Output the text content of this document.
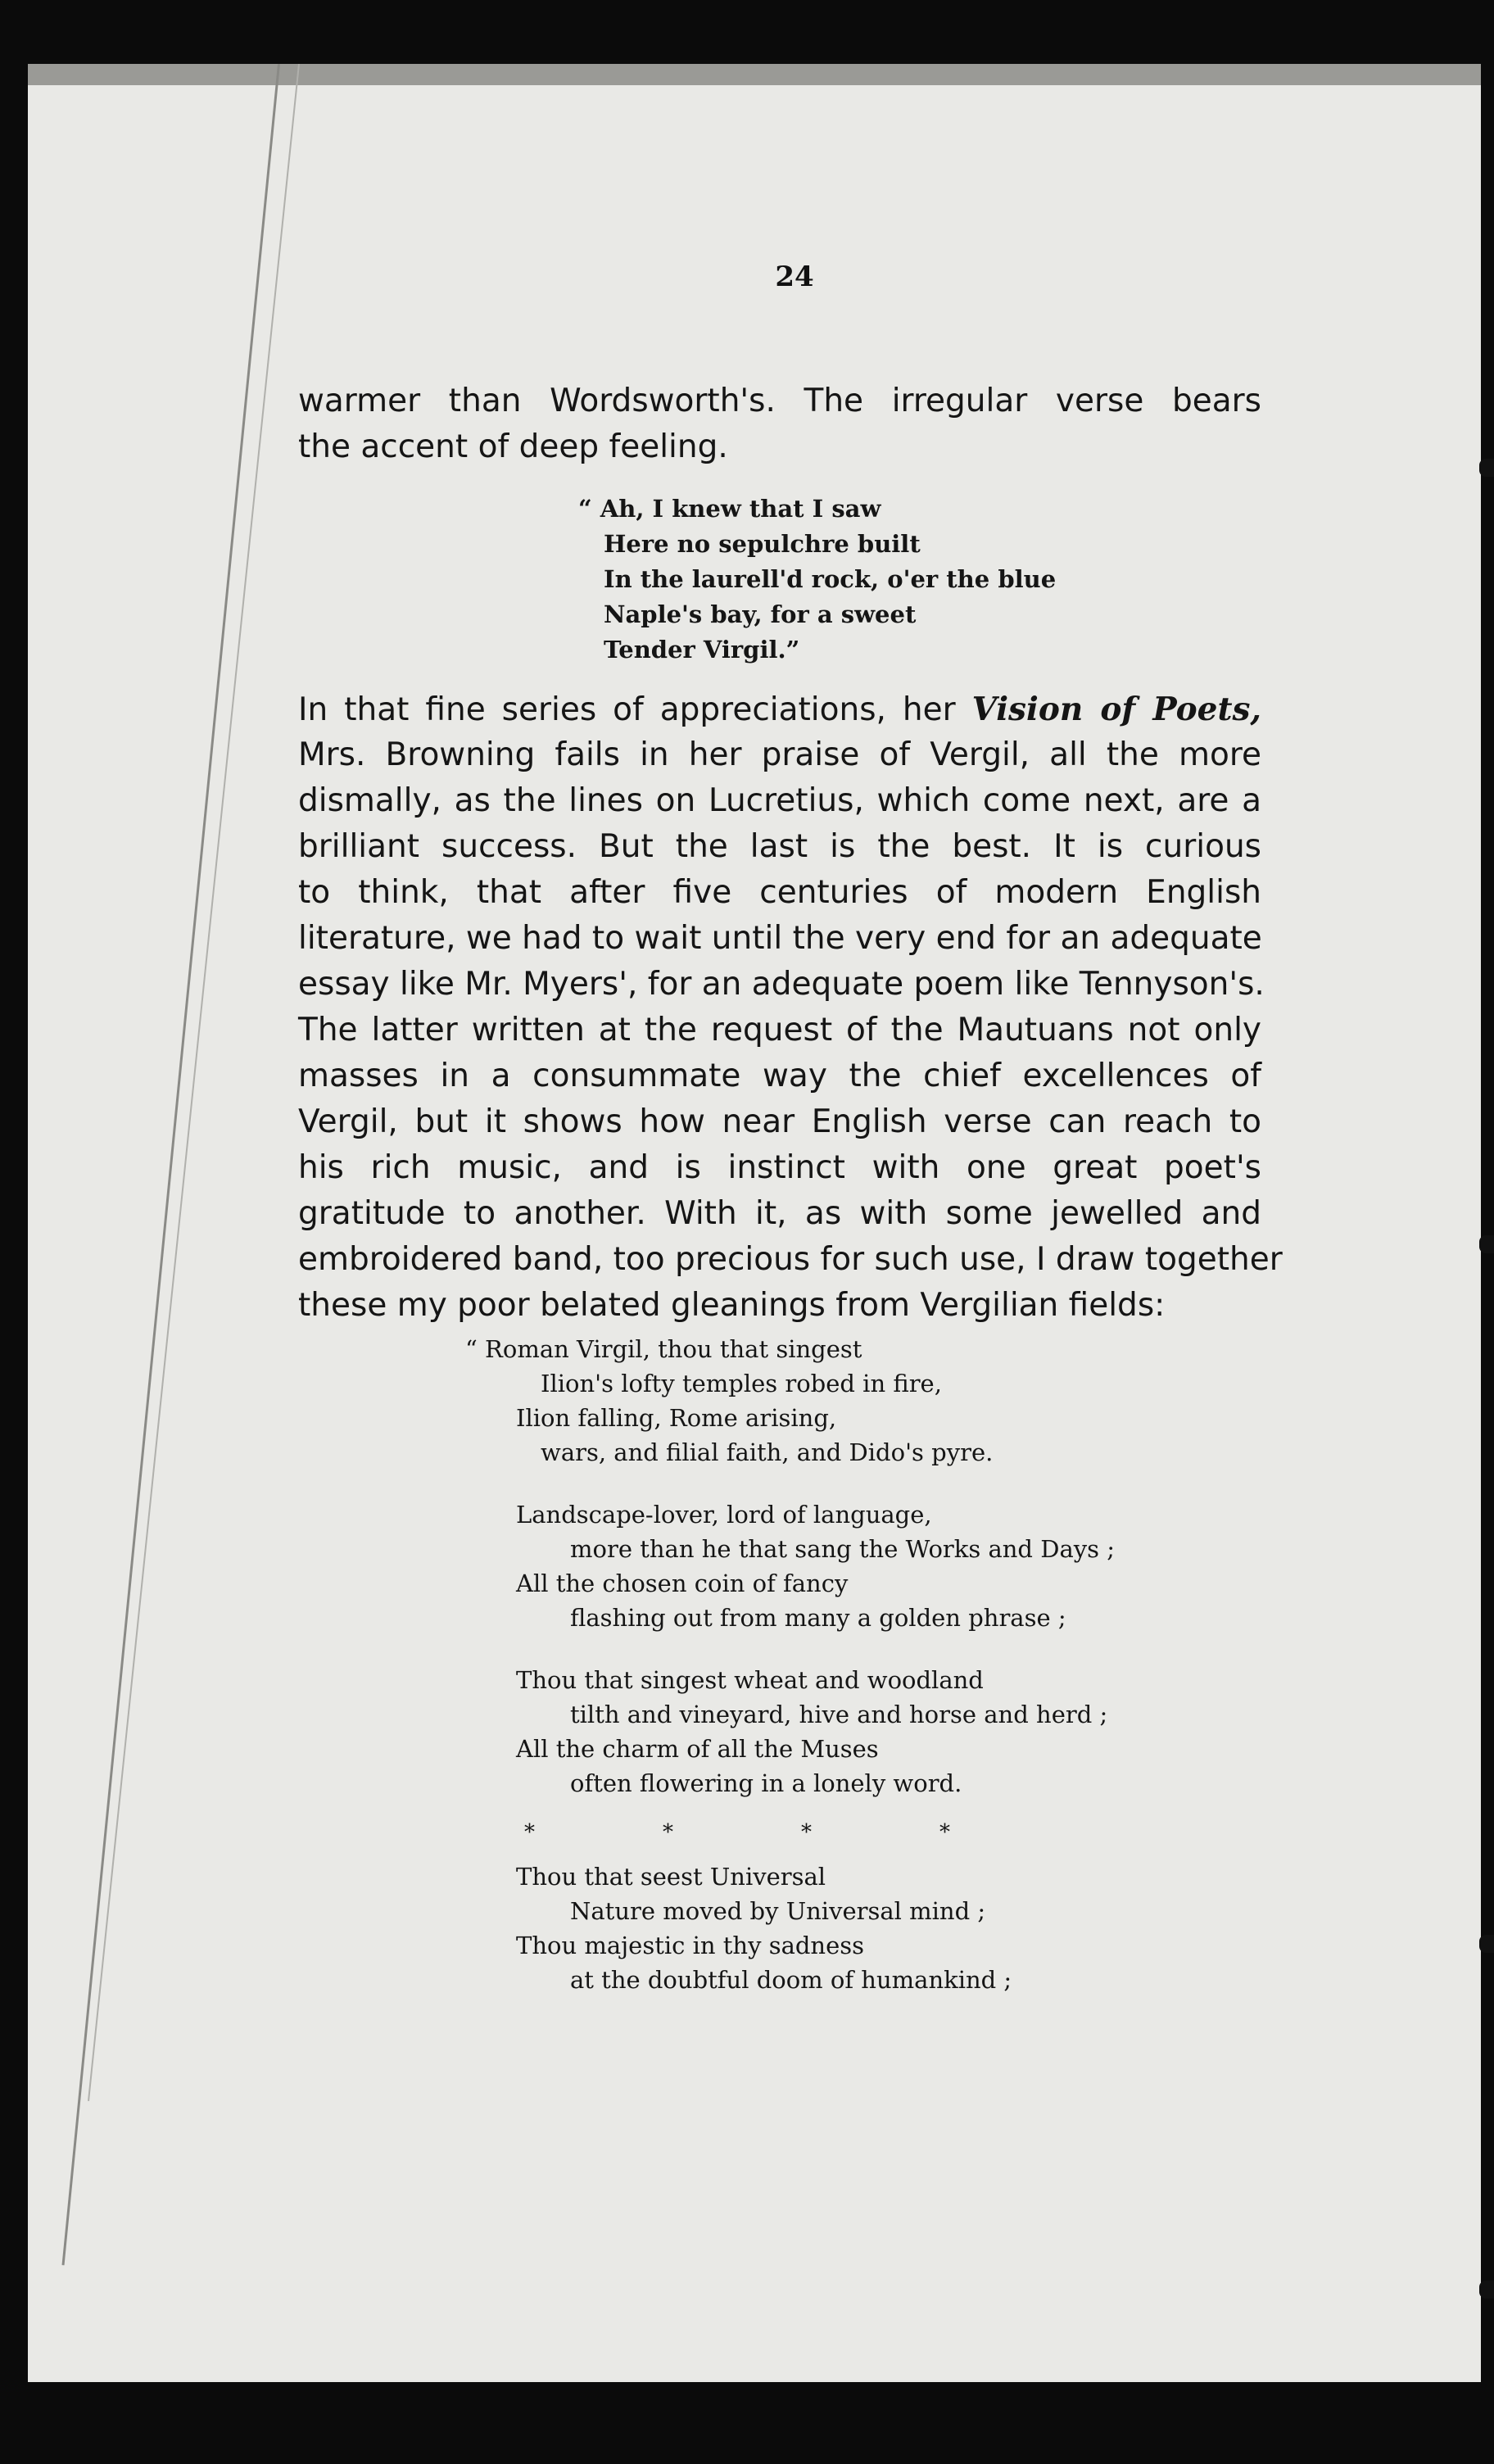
24

warmer than Wordsworth's. The irregular verse bears
the accent of deep feeling.
“ Ah, I knew that I saw
Here no sepulchre built
In the laurell'd rock, o'er the blue
Naple's bay, for a sweet
Tender Virgil.”
In that fine series of appreciations, her Vision of Poets,
Mrs. Browning fails in her praise of Vergil, all the more
dismally, as the lines on Lucretius, which come next, are a
brilliant success. But the last is the best. It is curious
to think, that after five centuries of modern English
literature, we had to wait until the very end for an adequate
essay like Mr. Myers', for an adequate poem like Tennyson's.
The latter written at the request of the Mautuans not only
masses in a consummate way the chief excellences of
Vergil, but it shows how near English verse can reach to
his rich music, and is instinct with one great poet's
gratitude to another. With it, as with some jewelled and
embroidered band, too precious for such use, I draw together
these my poor belated gleanings from Vergilian fields:
“ Roman Virgil, thou that singest
Ilion's lofty temples robed in fire,
Ilion falling, Rome arising,
wars, and filial faith, and Dido's pyre.
Landscape-lover, lord of language,
more than he that sang the Works and Days ;
All the chosen coin of fancy
flashing out from many a golden phrase ;
Thou that singest wheat and woodland
tilth and vineyard, hive and horse and herd ;
All the charm of all the Muses
often flowering in a lonely word.
*	*	*	*
Thou that seest Universal
Nature moved by Universal mind ;
Thou majestic in thy sadness
at the doubtful doom of humankind ;
